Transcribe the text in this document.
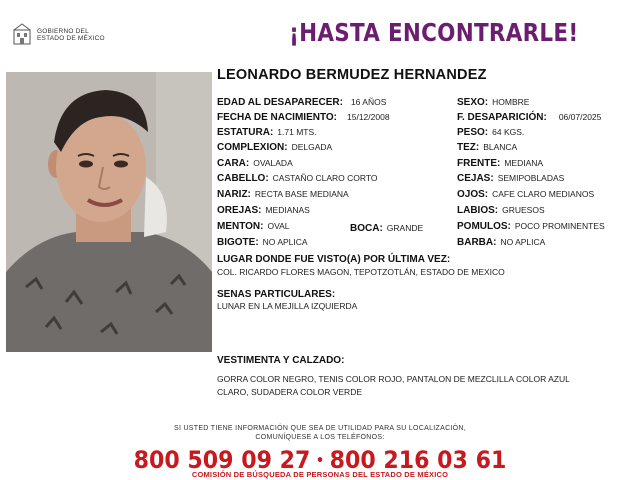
GOBIERNO DEL
ESTADO DE MÉXICO	¡HASTA ENCONTRARLE!
LEONARDO BERMUDEZ HERNANDEZ
EDAD AL DESAPARECER: 16 AÑOS
FECHA DE NACIMIENTO: 15/12/2008
ESTATURA: 1.71 MTS.
COMPLEXION: DELGADA
CARA: OVALADA
CABELLO: CASTAÑO CLARO CORTO
NARIZ: RECTA BASE MEDIANA
OREJAS: MEDIANAS
MENTON: OVAL	BOCA: GRANDE
BIGOTE: NO APLICA
SEXO: HOMBRE
F. DESAPARICIÓN: 06/07/2025
PESO: 64 KGS.
TEZ: BLANCA
FRENTE: MEDIANA
CEJAS: SEMIPOBLADAS
OJOS: CAFE CLARO MEDIANOS
LABIOS: GRUESOS
POMULOS: POCO PROMINENTES
BARBA: NO APLICA
LUGAR DONDE FUE VISTO(A) POR ÚLTIMA VEZ:
COL. RICARDO FLORES MAGON, TEPOTZOTLÁN, ESTADO DE MEXICO
SENAS PARTICULARES:
LUNAR EN LA MEJILLA IZQUIERDA
VESTIMENTA Y CALZADO:
GORRA COLOR NEGRO, TENIS COLOR ROJO, PANTALON DE MEZCLILLA COLOR AZUL
CLARO, SUDADERA COLOR VERDE
SI USTED TIENE INFORMACIÓN QUE SEA DE UTILIDAD PARA SU LOCALIZACIÓN,
COMUNÍQUESE A LOS TELÉFONOS:
800 509 09 27 • 800 216 03 61
COMISIÓN DE BÚSQUEDA DE PERSONAS DEL ESTADO DE MÉXICO
